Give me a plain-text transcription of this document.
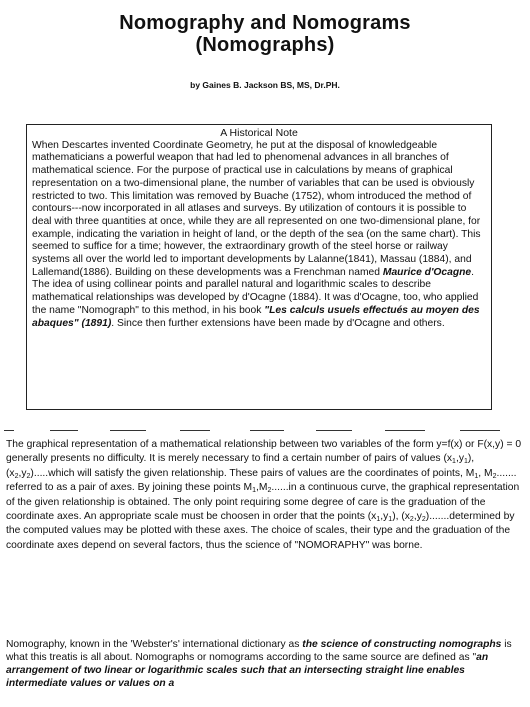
Nomography and Nomograms
(Nomographs)
by Gaines B. Jackson BS, MS, Dr.PH.
A Historical Note

When Descartes invented Coordinate Geometry, he put at the disposal of knowledgeable mathematicians a powerful weapon that had led to phenomenal advances in all branches of mathematical science. For the purpose of practical use in calculations by means of graphical representation on a two-dimensional plane, the number of variables that can be used is obviously restricted to two. This limitation was removed by Buache (1752), whom introduced the method of contours---now incorporated in all atlases and surveys. By utilization of contours it is possible to deal with three quantities at once, while they are all represented on one two-dimensional plane, for example, indicating the variation in height of land, or the depth of the sea (on the same chart). This seemed to suffice for a time; however, the extraordinary growth of the steel horse or railway systems all over the world led to important developments by Lalanne(1841), Massau (1884), and Lallemand(1886). Building on these developments was a Frenchman named Maurice d'Ocagne. The idea of using collinear points and parallel natural and logarithmic scales to describe mathematical relationships was developed by d'Ocagne (1884). It was d'Ocagne, too, who applied the name "Nomograph" to this method, in his book "Les calculs usuels effectués au moyen des abaques" (1891). Since then further extensions have been made by d'Ocagne and others.

The graphical representation of a mathematical relationship between two variables of the form y=f(x) or F(x,y) = 0 generally presents no difficulty. It is merely necessary to find a certain number of pairs of values $(x_1,y_1)$, $(x_2,y_2).....which$ will satisfy the given relationship. These pairs of values are the coordinates of points, $M_1$, $M_2$....... referred to as a pair of axes. By joining these points $M_1,M_2......in$ a continuous curve, the graphical representation of the given relationship is obtained. The only point requiring some degree of care is the graduation of the coordinate axes. An appropriate scale must be choosen in order that the points $(x_1,y_1)$, $(x_2,y_2).......determined$ by the computed values may be plotted with these axes. The choice of scales, their type and the graduation of the coordinate axes depend on several factors, thus the science of "NOMORAPHY" was borne.

Nomography, known in the 'Webster's' international dictionary as the science of constructing nomographs is what this treatis is all about. Nomographs or nomograms according to the same source are defined as "an arrangement of two linear or logarithmic scales such that an intersecting straight line enables intermediate values or values on a
